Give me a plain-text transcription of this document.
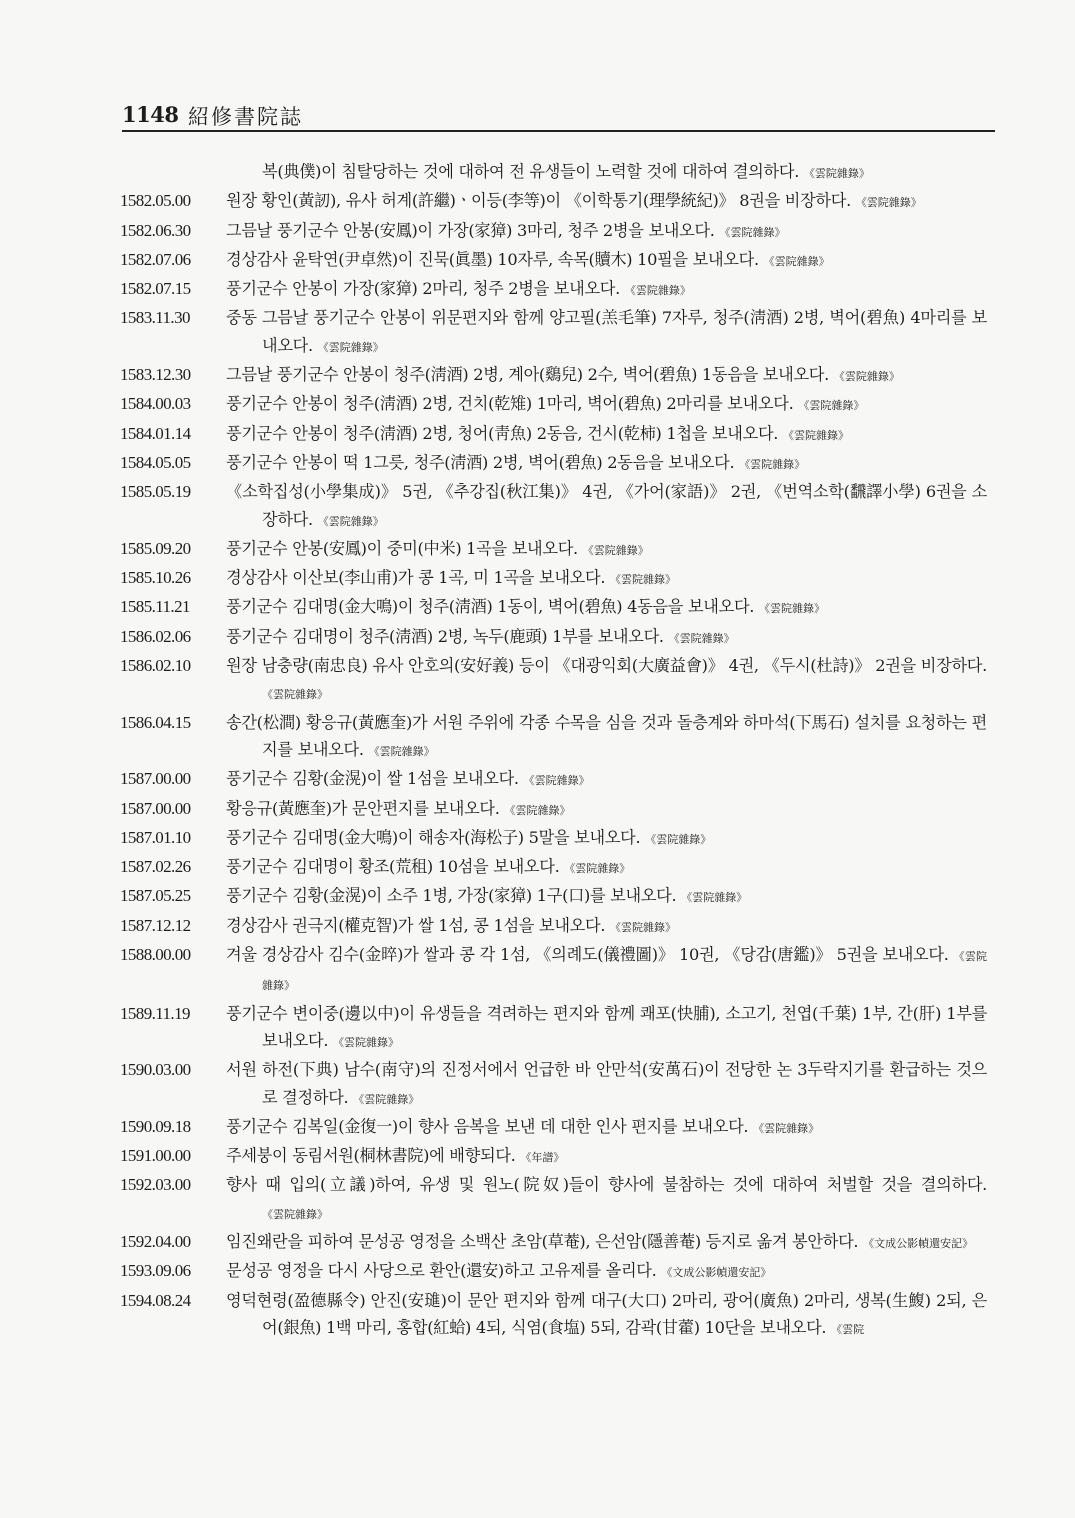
1148 紹修書院誌
복(典僕)이 침탈당하는 것에 대하여 전 유생들이 노력할 것에 대하여 결의하다. 《雲院雜錄》
1582.05.00	원장 황인(黃訒), 유사 허계(許繼)ㆍ이등(李等)이 《이학통기(理學統紀)》 8권을 비장하다. 《雲院雜錄》
1582.06.30	그믐날 풍기군수 안봉(安鳳)이 가장(家獐) 3마리, 청주 2병을 보내오다. 《雲院雜錄》
1582.07.06	경상감사 윤탁연(尹卓然)이 진묵(眞墨) 10자루, 속목(贖木) 10필을 보내오다. 《雲院雜錄》
1582.07.15	풍기군수 안봉이 가장(家獐) 2마리, 청주 2병을 보내오다. 《雲院雜錄》
1583.11.30	중동 그믐날 풍기군수 안봉이 위문편지와 함께 양고필(羔毛筆) 7자루, 청주(淸酒) 2병, 벽어(碧魚) 4마리를 보내오다. 《雲院雜錄》
1583.12.30	그믐날 풍기군수 안봉이 청주(淸酒) 2병, 계아(鷄兒) 2수, 벽어(碧魚) 1동음을 보내오다. 《雲院雜錄》
1584.00.03	풍기군수 안봉이 청주(淸酒) 2병, 건치(乾雉) 1마리, 벽어(碧魚) 2마리를 보내오다. 《雲院雜錄》
1584.01.14	풍기군수 안봉이 청주(淸酒) 2병, 청어(靑魚) 2동음, 건시(乾柿) 1첩을 보내오다. 《雲院雜錄》
1584.05.05	풍기군수 안봉이 떡 1그릇, 청주(淸酒) 2병, 벽어(碧魚) 2동음을 보내오다. 《雲院雜錄》
1585.05.19	《소학집성(小學集成)》 5권, 《추강집(秋江集)》 4권, 《가어(家語)》 2권, 《번역소학(飜譯小學) 6권을 소장하다. 《雲院雜錄》
1585.09.20	풍기군수 안봉(安鳳)이 중미(中米) 1곡을 보내오다. 《雲院雜錄》
1585.10.26	경상감사 이산보(李山甫)가 콩 1곡, 미 1곡을 보내오다. 《雲院雜錄》
1585.11.21	풍기군수 김대명(金大鳴)이 청주(淸酒) 1동이, 벽어(碧魚) 4동음을 보내오다. 《雲院雜錄》
1586.02.06	풍기군수 김대명이 청주(淸酒) 2병, 녹두(鹿頭) 1부를 보내오다. 《雲院雜錄》
1586.02.10	원장 남충량(南忠良) 유사 안호의(安好義) 등이 《대광익회(大廣益會)》 4권, 《두시(杜詩)》 2권을 비장하다. 《雲院雜錄》
1586.04.15	송간(松澗) 황응규(黃應奎)가 서원 주위에 각종 수목을 심을 것과 돌층계와 하마석(下馬石) 설치를 요청하는 편지를 보내오다. 《雲院雜錄》
1587.00.00	풍기군수 김황(金滉)이 쌀 1섬을 보내오다. 《雲院雜錄》
1587.00.00	황응규(黃應奎)가 문안편지를 보내오다. 《雲院雜錄》
1587.01.10	풍기군수 김대명(金大鳴)이 해송자(海松子) 5말을 보내오다. 《雲院雜錄》
1587.02.26	풍기군수 김대명이 황조(荒租) 10섬을 보내오다. 《雲院雜錄》
1587.05.25	풍기군수 김황(金滉)이 소주 1병, 가장(家獐) 1구(口)를 보내오다. 《雲院雜錄》
1587.12.12	경상감사 권극지(權克智)가 쌀 1섬, 콩 1섬을 보내오다. 《雲院雜錄》
1588.00.00	겨울 경상감사 김수(金晬)가 쌀과 콩 각 1섬, 《의례도(儀禮圖)》 10권, 《당감(唐鑑)》 5권을 보내오다. 《雲院雜錄》
1589.11.19	풍기군수 변이중(邊以中)이 유생들을 격려하는 편지와 함께 쾌포(快脯), 소고기, 천엽(千葉) 1부, 간(肝) 1부를 보내오다. 《雲院雜錄》
1590.03.00	서원 하전(下典) 남수(南守)의 진정서에서 언급한 바 안만석(安萬石)이 전당한 논 3두락지기를 환급하는 것으로 결정하다. 《雲院雜錄》
1590.09.18	풍기군수 김복일(金復一)이 향사 음복을 보낸 데 대한 인사 편지를 보내오다. 《雲院雜錄》
1591.00.00	주세붕이 동림서원(桐林書院)에 배향되다. 《年譜》
1592.03.00	향사 때 입의(立議)하여, 유생 및 원노(院奴)들이 향사에 불참하는 것에 대하여 처벌할 것을 결의하다. 《雲院雜錄》
1592.04.00	임진왜란을 피하여 문성공 영정을 소백산 초암(草菴), 은선암(隱善菴) 등지로 옮겨 봉안하다. 《文成公影幀還安記》
1593.09.06	문성공 영정을 다시 사당으로 환안(還安)하고 고유제를 올리다. 《文成公影幀還安記》
1594.08.24	영덕현령(盈德縣令) 안진(安璡)이 문안 편지와 함께 대구(大口) 2마리, 광어(廣魚) 2마리, 생복(生鰒) 2되, 은어(銀魚) 1백 마리, 홍합(紅蛤) 4되, 식염(食塩) 5되, 감곽(甘藿) 10단을 보내오다. 《雲院
